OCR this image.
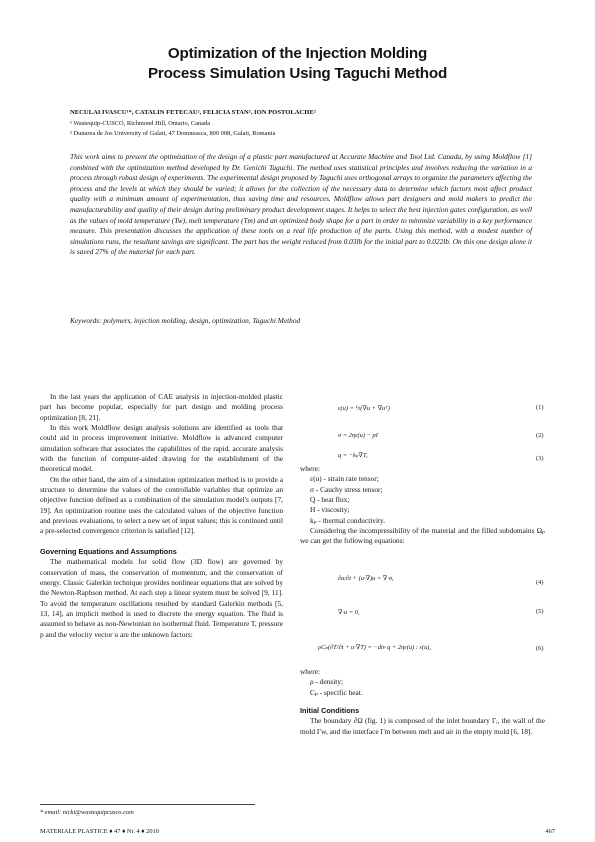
Optimization of the Injection Molding
Process Simulation Using Taguchi Method
NECULAI IVASCU¹*, CATALIN FETECAU², FELICIA STAN², ION POSTOLACHE²
¹ Wastequip-CUSCO, Richmond Hill, Ontario, Canada
² Dunarea de Jos University of Galati, 47 Domneasca, 800 008, Galati, Romania

This work aims to present the optimization of the design of a plastic part manufactured at Accurate Machine and Tool Ltd. Canada, by using Moldflow [1] combined with the optimization method developed by Dr. Genichi Taguchi. The method uses statistical principles and involves reducing the variation in a process through robust design of experiments. The experimental design proposed by Taguchi uses orthogonal arrays to organize the parameters affecting the process and the levels at which they should be varied; it allows for the collection of the necessary data to determine which factors most affect product quality with a minimum amount of experimentation, thus saving time and resources. Moldflow allows part designers and mold makers to predict the manufacturability and quality of their design during preliminary product development stages. It helps to select the best injection gates configuration, as well as the values of mold temperature (Tw), melt temperature (Tm) and an optimized body shape for a part in order to minimize variability in a key performance measure. This presentation discusses the application of these tools on a real life production of the parts. Using this method, with a modest number of simulations runs, the resultant savings are significant. The part has the weight reduced from 0.03lb for the initial part to 0.022lb. On this one design alone it is saved 27% of the material for each part.

Keywords: polymers, injection molding, design, optimization, Taguchi Method

In the last years the application of CAE analysis in injection-molded plastic part has become popular, especially for part design and molding process optimization [8, 21].

In this work Moldflow design analysis solutions are identified as tools that could aid in process improvement initiative. Moldflow is advanced computer simulation software that associates the capabilities of the rapid, accurate analysis with the function of computer-aided drawing for the establishment of the theoretical model.

On the other hand, the aim of a simulation optimization method is to provide a structure to determine the values of the controllable variables that optimize an objective function defined as a combination of the simulation model's outputs [7, 19]. An optimization routine uses the calculated values of the objective function and previous evaluations, to select a new set of input values; this is continued until a pre-selected convergence criterion is satisfied [12].

Governing Equations and Assumptions

The mathematical models for solid flow (3D flow) are governed by conservation of mass, the conservation of momentum, and the conservation of energy. Classic Galerkin technique provides nonlinear equations that are solved by the Newton-Raphson method. At each step a linear system must be solved [9, 11]. To avoid the temperature oscillations resulted by standard Galerkin methods [5, 13, 14], an implicit method is used to discrete the energy equation. The fluid is assumed to behave as non-Newtonian no isothermal fluid. Temperature T, pressure p and the velocity vector u are the unknown factors:

ε(u) = ½(∇u + ∇uᵀ)	(1)
σ = 2ηε(u) − pI	(2)
q = −kₚ∇T,	(3)
where:
ε(u) - strain rate tensor;
σ - Cauchy stress tensor;
Q - heat flux;
H - viscosity;
kₚ - thermal conductivity.

Considering the incompressibility of the material and the filled subdomains Ωₚ we can get the following equations:

∂u/∂t + (u·∇)u = ∇·σ,
(4)
∇·u = 0,	(5)
ρCₚ(∂T/∂t + u·∇T) = −div q + 2ηε(u) : ε(u),	(6)
where:
ρ - density;
Cₚ - specific heat.
Initial Conditions

The boundary ∂Ω (fig. 1) is composed of the inlet boundary Γᵢ, the wall of the mold Γw, and the interface Γm between melt and air in the empty mold [6, 18].

* email: nicki@wastequipcusco.com
MATERIALE PLASTICE ♦ 47 ♦ Nr. 4 ♦ 2010	467
